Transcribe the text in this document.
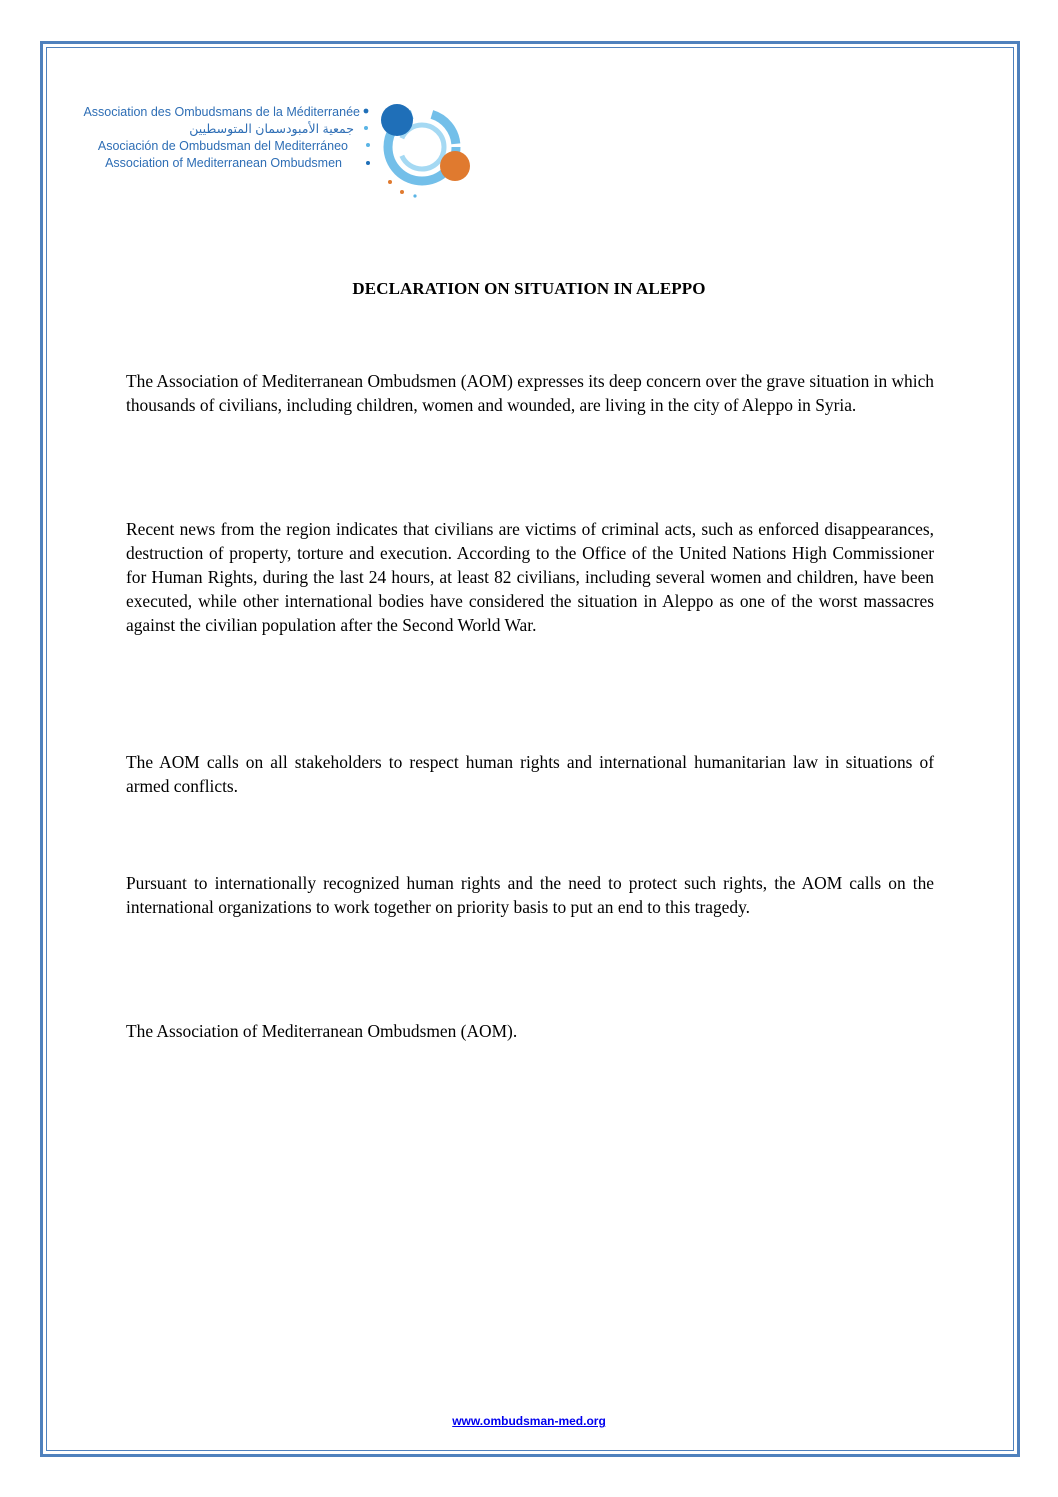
Association des Ombudsmans de la Méditerranée
جمعية الأمبودسمان المتوسطيين
Asociación de Ombudsman del Mediterráneo
Association of Mediterranean Ombudsmen
DECLARATION ON SITUATION IN ALEPPO

The Association of Mediterranean Ombudsmen (AOM) expresses its deep concern over the grave situation in which thousands of civilians, including children, women and wounded, are living in the city of Aleppo in Syria.

Recent news from the region indicates that civilians are victims of criminal acts, such as enforced disappearances, destruction of property, torture and execution. According to the Office of the United Nations High Commissioner for Human Rights, during the last 24 hours, at least 82 civilians, including several women and children, have been executed, while other international bodies have considered the situation in Aleppo as one of the worst massacres against the civilian population after the Second World War.

The AOM calls on all stakeholders to respect human rights and international humanitarian law in situations of armed conflicts.

Pursuant to internationally recognized human rights and the need to protect such rights, the AOM calls on the international organizations to work together on priority basis to put an end to this tragedy.

The Association of Mediterranean Ombudsmen (AOM).

www.ombudsman-med.org
